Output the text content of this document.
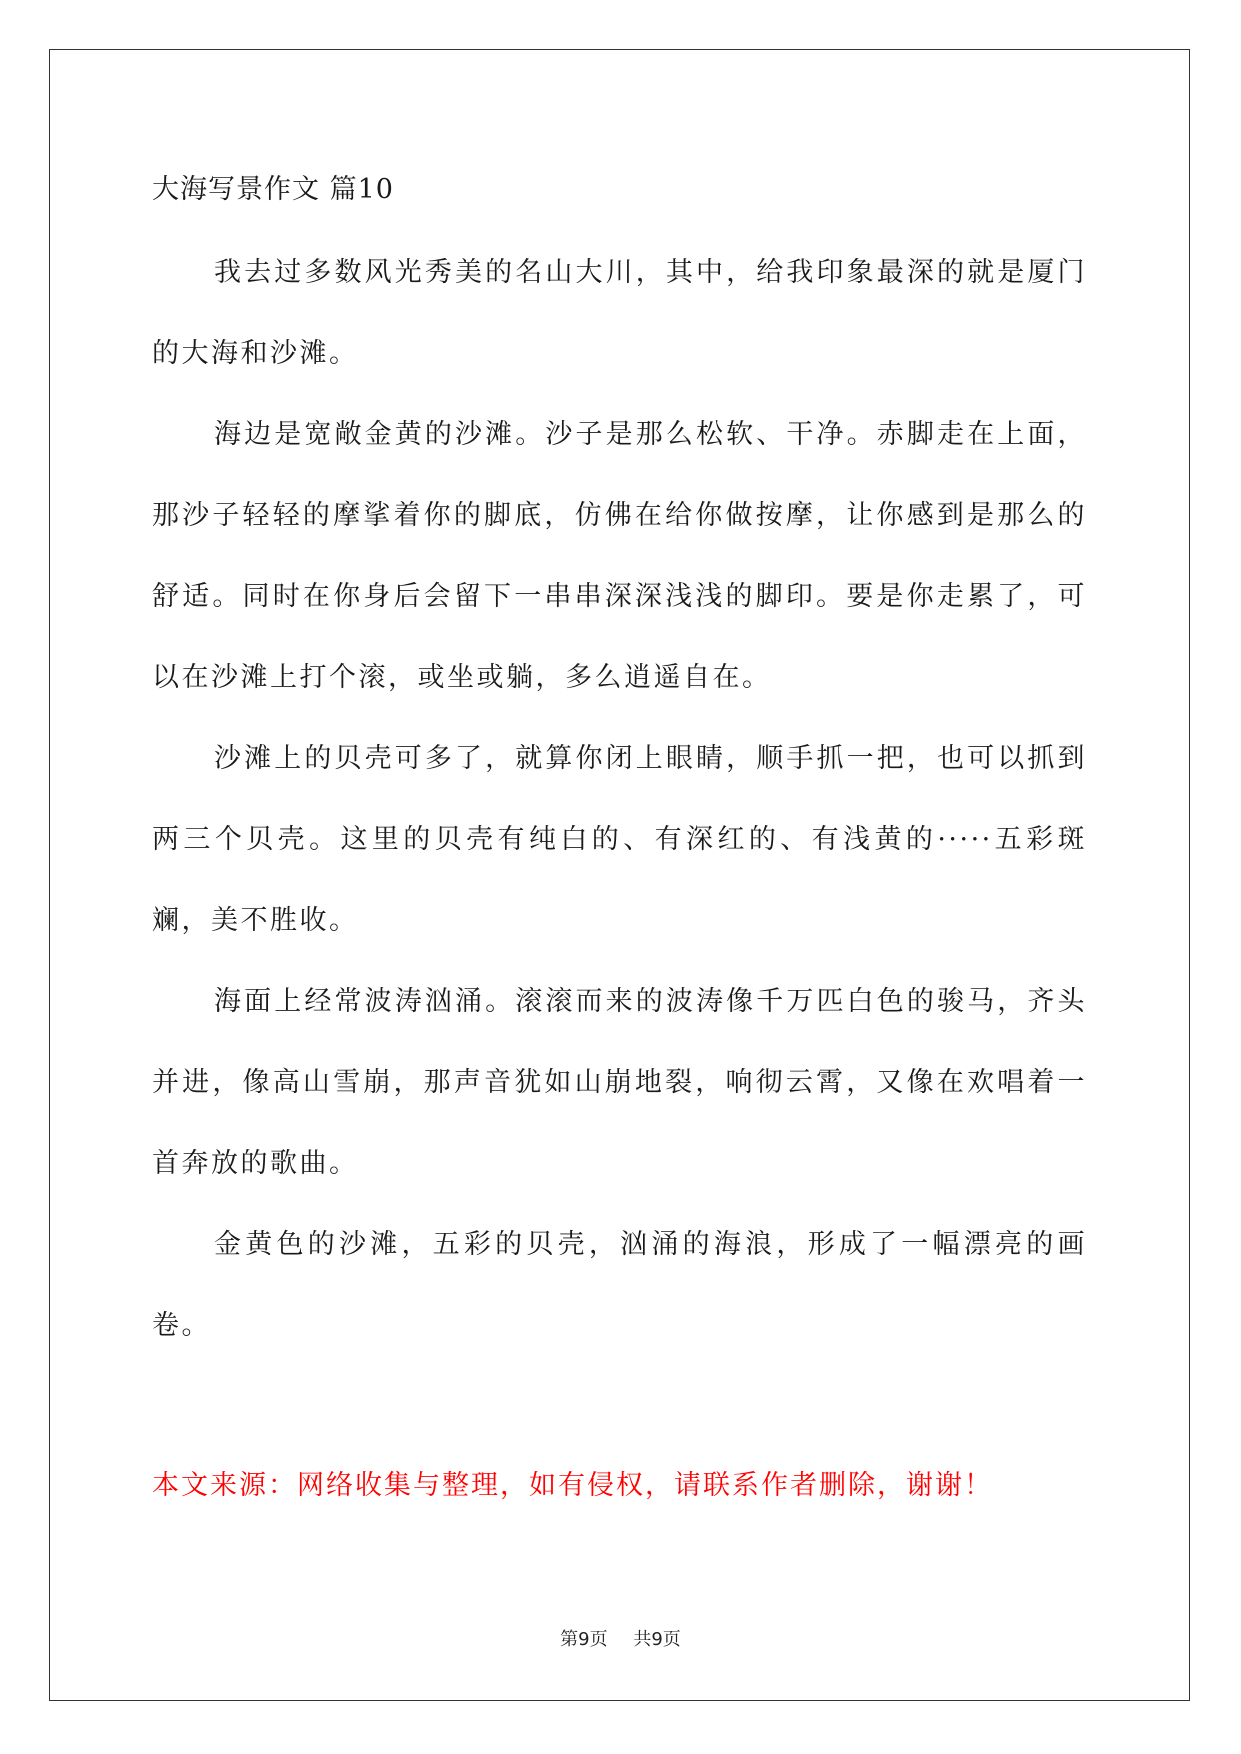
大海写景作文 篇10

我去过多数风光秀美的名山大川，其中，给我印象最深的就是厦门的大海和沙滩。

海边是宽敞金黄的沙滩。沙子是那么松软、干净。赤脚走在上面，那沙子轻轻的摩挲着你的脚底，仿佛在给你做按摩，让你感到是那么的舒适。同时在你身后会留下一串串深深浅浅的脚印。要是你走累了，可以在沙滩上打个滚，或坐或躺，多么逍遥自在。

沙滩上的贝壳可多了，就算你闭上眼睛，顺手抓一把，也可以抓到两三个贝壳。这里的贝壳有纯白的、有深红的、有浅黄的·····五彩斑斓，美不胜收。

海面上经常波涛汹涌。滚滚而来的波涛像千万匹白色的骏马，齐头并进，像高山雪崩，那声音犹如山崩地裂，响彻云霄，又像在欢唱着一首奔放的歌曲。

金黄色的沙滩，五彩的贝壳，汹涌的海浪，形成了一幅漂亮的画卷。

本文来源：网络收集与整理，如有侵权，请联系作者删除，谢谢！
第9页 共9页
